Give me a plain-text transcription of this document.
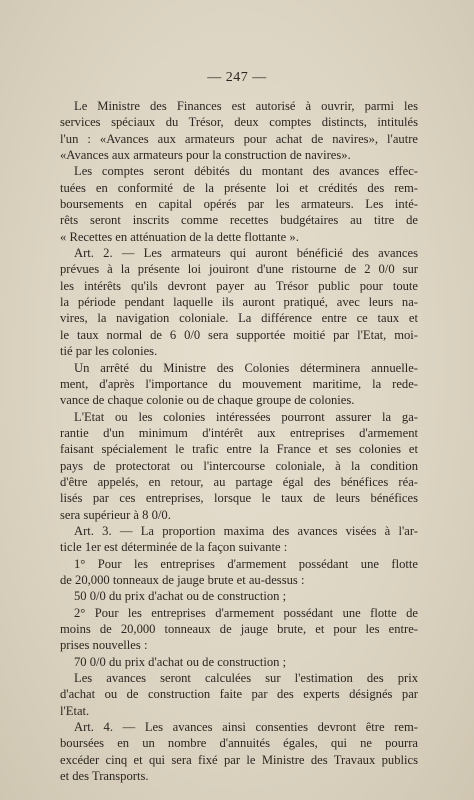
— 247 —
Le Ministre des Finances est autorisé à ouvrir, parmi les
services spéciaux du Trésor, deux comptes distincts, intitulés
l'un : «Avances aux armateurs pour achat de navires», l'autre
«Avances aux armateurs pour la construction de navires».
Les comptes seront débités du montant des avances effec-
tuées en conformité de la présente loi et crédités des rem-
boursements en capital opérés par les armateurs. Les inté-
rêts seront inscrits comme recettes budgétaires au titre de
« Recettes en atténuation de la dette flottante ».
Art. 2. — Les armateurs qui auront bénéficié des avances
prévues à la présente loi jouiront d'une ristourne de 2 0/0 sur
les intérêts qu'ils devront payer au Trésor public pour toute
la période pendant laquelle ils auront pratiqué, avec leurs na-
vires, la navigation coloniale. La différence entre ce taux et
le taux normal de 6 0/0 sera supportée moitié par l'Etat, moi-
tié par les colonies.
Un arrêté du Ministre des Colonies déterminera annuelle-
ment, d'après l'importance du mouvement maritime, la rede-
vance de chaque colonie ou de chaque groupe de colonies.
L'Etat ou les colonies intéressées pourront assurer la ga-
rantie d'un minimum d'intérêt aux entreprises d'armement
faisant spécialement le trafic entre la France et ses colonies et
pays de protectorat ou l'intercourse coloniale, à la condition
d'être appelés, en retour, au partage égal des bénéfices réa-
lisés par ces entreprises, lorsque le taux de leurs bénéfices
sera supérieur à 8 0/0.
Art. 3. — La proportion maxima des avances visées à l'ar-
ticle 1er est déterminée de la façon suivante :
1° Pour les entreprises d'armement possédant une flotte
de 20,000 tonneaux de jauge brute et au-dessus :
50 0/0 du prix d'achat ou de construction ;
2° Pour les entreprises d'armement possédant une flotte de
moins de 20,000 tonneaux de jauge brute, et pour les entre-
prises nouvelles :
70 0/0 du prix d'achat ou de construction ;
Les avances seront calculées sur l'estimation des prix
d'achat ou de construction faite par des experts désignés par
l'Etat.
Art. 4. — Les avances ainsi consenties devront être rem-
boursées en un nombre d'annuités égales, qui ne pourra
excéder cinq et qui sera fixé par le Ministre des Travaux publics
et des Transports.
